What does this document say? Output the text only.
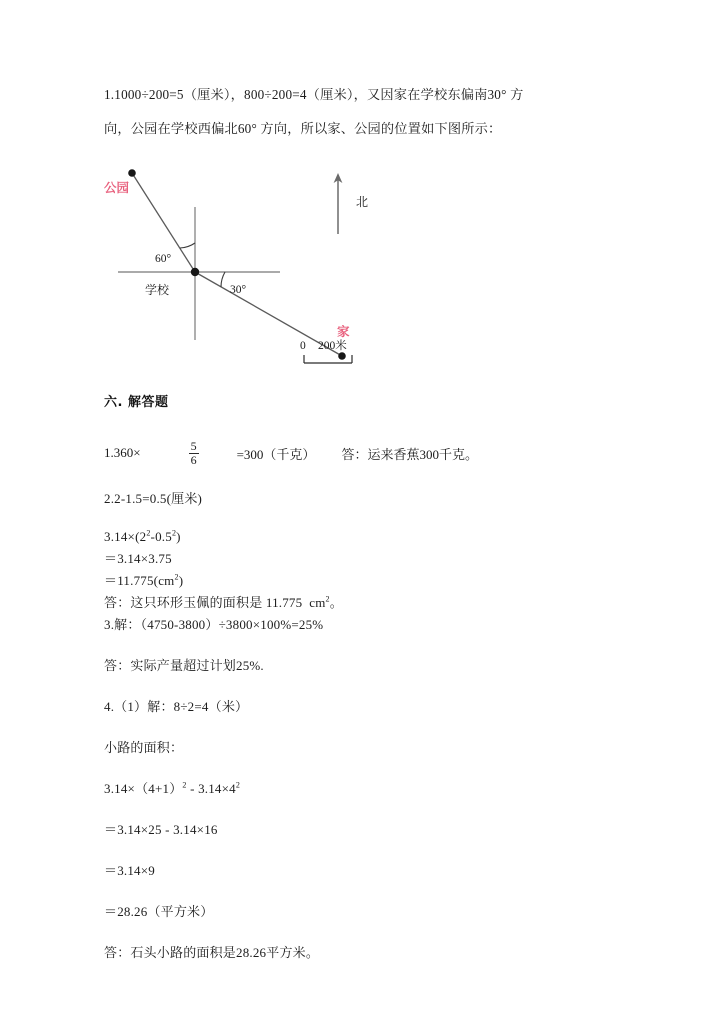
1.1000÷200=5（厘米），800÷200=4（厘米），又因家在学校东偏南30° 方
向，公园在学校西偏北60° 方向，所以家、公园的位置如下图所示：
公园
学校
家
北
60°
30°
0 200米
六. 解答题
1.360×	$\frac{5}{6}$	=300（千克） 答：运来香蕉300千克。
2.2-1.5=0.5(厘米)
$3.14\times(2^2-0.5^2)$
＝3.14×3.75
$=11.775(cm^2)$
答：这只环形玉佩的面积是 11.775  $cm^2$。
3.解：（4750-3800）÷3800×100%=25%
答：实际产量超过计划25%.
4.（1）解：8÷2=4（米）
小路的面积：
$3.14\times(4+1)^2 - 3.14\times 4^2$
＝3.14×25 - 3.14×16
＝3.14×9
＝28.26（平方米）
答：石头小路的面积是28.26平方米。
